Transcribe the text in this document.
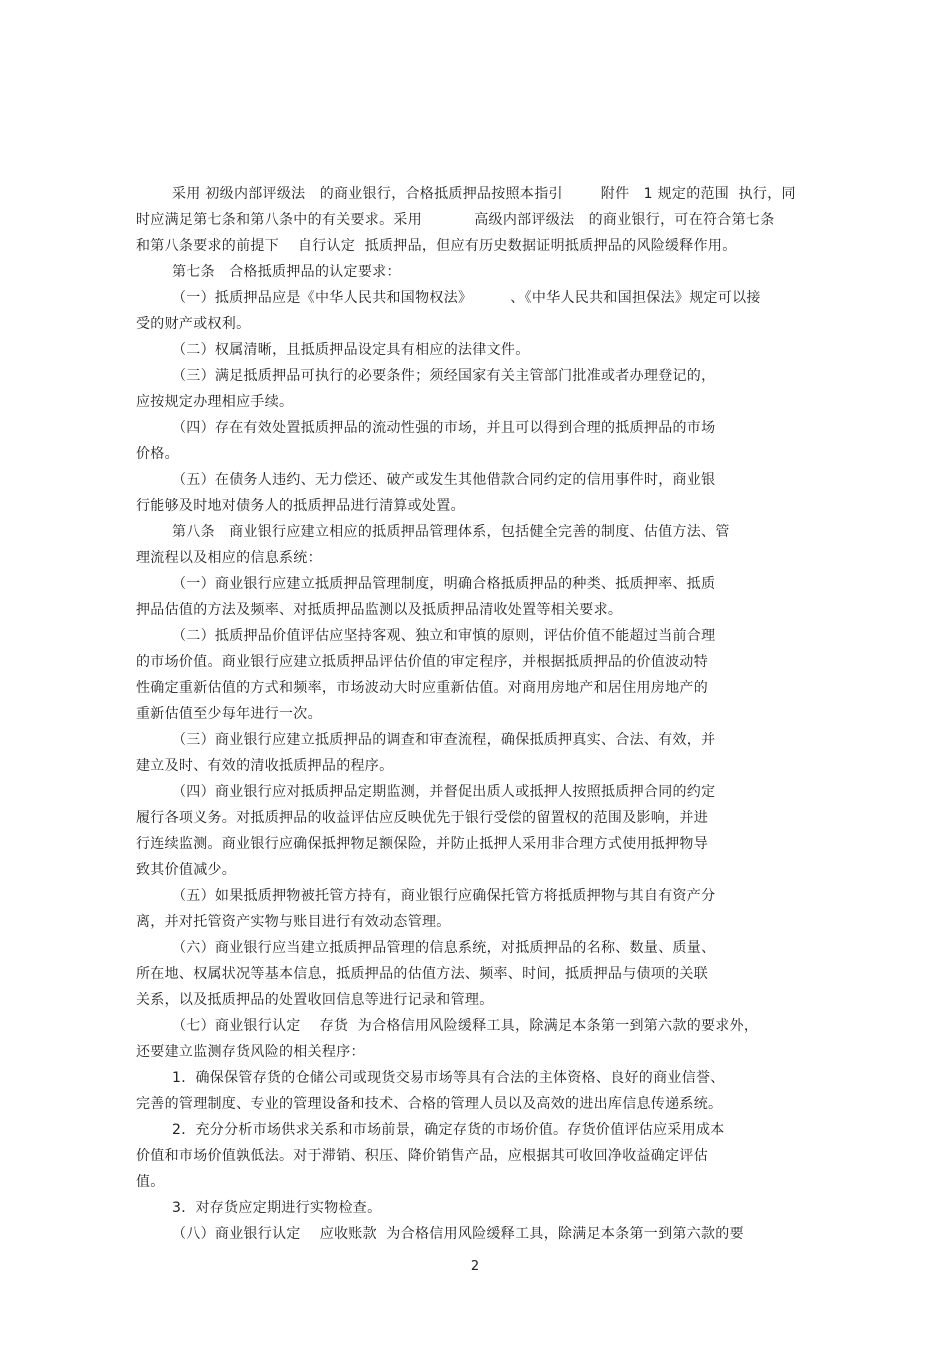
采用 初级内部评级法   的商业银行，合格抵质押品按照本指引        附件   1 规定的范围  执行，同
时应满足第七条和第八条中的有关要求。采用           高级内部评级法   的商业银行，可在符合第七条
和第八条要求的前提下    自行认定  抵质押品，但应有历史数据证明抵质押品的风险缓释作用。
第七条   合格抵质押品的认定要求：
（一）抵质押品应是《中华人民共和国物权法》        、《中华人民共和国担保法》规定可以接
受的财产或权利。
（二）权属清晰，且抵质押品设定具有相应的法律文件。
（三）满足抵质押品可执行的必要条件；须经国家有关主管部门批准或者办理登记的，
应按规定办理相应手续。
（四）存在有效处置抵质押品的流动性强的市场，并且可以得到合理的抵质押品的市场
价格。
（五）在债务人违约、无力偿还、破产或发生其他借款合同约定的信用事件时，商业银
行能够及时地对债务人的抵质押品进行清算或处置。
第八条   商业银行应建立相应的抵质押品管理体系，包括健全完善的制度、估值方法、管
理流程以及相应的信息系统：
（一）商业银行应建立抵质押品管理制度，明确合格抵质押品的种类、抵质押率、抵质
押品估值的方法及频率、对抵质押品监测以及抵质押品清收处置等相关要求。
（二）抵质押品价值评估应坚持客观、独立和审慎的原则，评估价值不能超过当前合理
的市场价值。商业银行应建立抵质押品评估价值的审定程序，并根据抵质押品的价值波动特
性确定重新估值的方式和频率，市场波动大时应重新估值。对商用房地产和居住用房地产的
重新估值至少每年进行一次。
（三）商业银行应建立抵质押品的调查和审查流程，确保抵质押真实、合法、有效，并
建立及时、有效的清收抵质押品的程序。
（四）商业银行应对抵质押品定期监测，并督促出质人或抵押人按照抵质押合同的约定
履行各项义务。对抵质押品的收益评估应反映优先于银行受偿的留置权的范围及影响，并进
行连续监测。商业银行应确保抵押物足额保险，并防止抵押人采用非合理方式使用抵押物导
致其价值减少。
（五）如果抵质押物被托管方持有，商业银行应确保托管方将抵质押物与其自有资产分
离，并对托管资产实物与账目进行有效动态管理。
（六）商业银行应当建立抵质押品管理的信息系统，对抵质押品的名称、数量、质量、
所在地、权属状况等基本信息，抵质押品的估值方法、频率、时间，抵质押品与债项的关联
关系，以及抵质押品的处置收回信息等进行记录和管理。
（七）商业银行认定    存货  为合格信用风险缓释工具，除满足本条第一到第六款的要求外，
还要建立监测存货风险的相关程序：
1．确保保管存货的仓储公司或现货交易市场等具有合法的主体资格、良好的商业信誉、
完善的管理制度、专业的管理设备和技术、合格的管理人员以及高效的进出库信息传递系统。
2．充分分析市场供求关系和市场前景，确定存货的市场价值。存货价值评估应采用成本
价值和市场价值孰低法。对于滞销、积压、降价销售产品，应根据其可收回净收益确定评估
值。
3．对存货应定期进行实物检查。
（八）商业银行认定    应收账款  为合格信用风险缓释工具，除满足本条第一到第六款的要
2
